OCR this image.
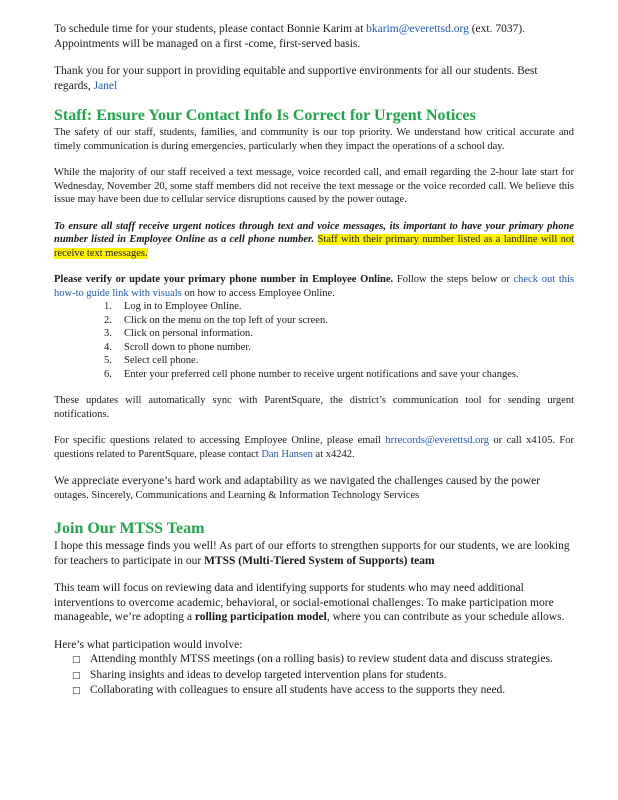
To schedule time for your students, please contact Bonnie Karim at bkarim@everettsd.org (ext. 7037). Appointments will be managed on a first -come, first-served basis.

Thank you for your support in providing equitable and supportive environments for all our students. Best regards, Janel

Staff: Ensure Your Contact Info Is Correct for Urgent Notices

The safety of our staff, students, families, and community is our top priority. We understand how critical accurate and timely communication is during emergencies, particularly when they impact the operations of a school day.

While the majority of our staff received a text message, voice recorded call, and email regarding the 2-hour late start for Wednesday, November 20, some staff members did not receive the text message or the voice recorded call. We believe this issue may have been due to cellular service disruptions caused by the power outage.

To ensure all staff receive urgent notices through text and voice messages, its important to have your primary phone number listed in Employee Online as a cell phone number. Staff with their primary number listed as a landline will not receive text messages.

Please verify or update your primary phone number in Employee Online. Follow the steps below or check out this how-to guide link with visuals on how to access Employee Online.

1. Log in to Employee Online.
2. Click on the menu on the top left of your screen.
3. Click on personal information.
4. Scroll down to phone number.
5. Select cell phone.
6. Enter your preferred cell phone number to receive urgent notifications and save your changes.

These updates will automatically sync with ParentSquare, the district’s communication tool for sending urgent notifications.

For specific questions related to accessing Employee Online, please email hrrecords@everettsd.org or call x4105. For questions related to ParentSquare, please contact Dan Hansen at x4242.

We appreciate everyone’s hard work and adaptability as we navigated the challenges caused by the power outages. Sincerely, Communications and Learning & Information Technology Services

Join Our MTSS Team

I hope this message finds you well! As part of our efforts to strengthen supports for our students, we are looking for teachers to participate in our MTSS (Multi-Tiered System of Supports) team

This team will focus on reviewing data and identifying supports for students who may need additional interventions to overcome academic, behavioral, or social-emotional challenges. To make participation more manageable, we’re adopting a rolling participation model, where you can contribute as your schedule allows.

Here’s what participation would involve:

□ Attending monthly MTSS meetings (on a rolling basis) to review student data and discuss strategies.
□ Sharing insights and ideas to develop targeted intervention plans for students.
□ Collaborating with colleagues to ensure all students have access to the supports they need.
